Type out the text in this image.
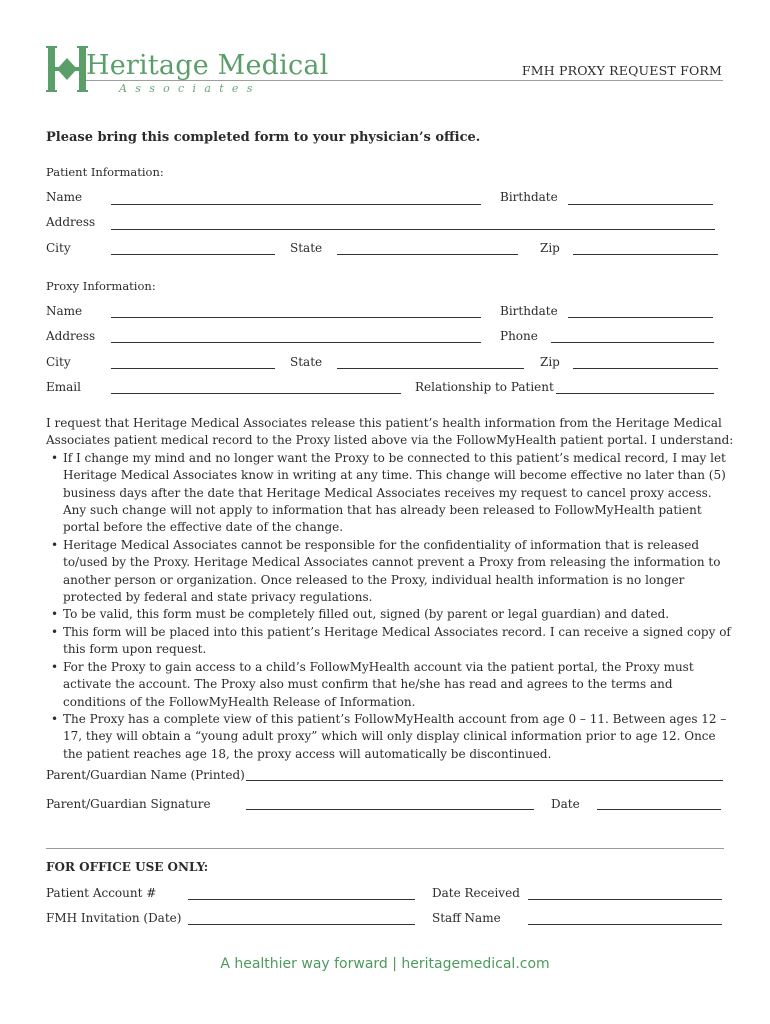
Heritage Medical
Associates
FMH PROXY REQUEST FORM
Please bring this completed form to your physician’s office.
Patient Information:
Name	Birthdate
Address
City	State	Zip
Proxy Information:
Name	Birthdate
Address	Phone
City	State	Zip
Email	Relationship to Patient
I request that Heritage Medical Associates release this patient’s health information from the Heritage Medical Associates patient medical record to the Proxy listed above via the FollowMyHealth patient portal. I understand:
• If I change my mind and no longer want the Proxy to be connected to this patient’s medical record, I may let Heritage Medical Associates know in writing at any time. This change will become effective no later than (5) business days after the date that Heritage Medical Associates receives my request to cancel proxy access. Any such change will not apply to information that has already been released to FollowMyHealth patient portal before the effective date of the change.
• Heritage Medical Associates cannot be responsible for the confidentiality of information that is released to/used by the Proxy. Heritage Medical Associates cannot prevent a Proxy from releasing the information to another person or organization. Once released to the Proxy, individual health information is no longer protected by federal and state privacy regulations.
• To be valid, this form must be completely filled out, signed (by parent or legal guardian) and dated.
• This form will be placed into this patient’s Heritage Medical Associates record. I can receive a signed copy of this form upon request.
• For the Proxy to gain access to a child’s FollowMyHealth account via the patient portal, the Proxy must activate the account. The Proxy also must confirm that he/she has read and agrees to the terms and conditions of the FollowMyHealth Release of Information.
• The Proxy has a complete view of this patient’s FollowMyHealth account from age 0 – 11. Between ages 12 – 17, they will obtain a “young adult proxy” which will only display clinical information prior to age 12. Once the patient reaches age 18, the proxy access will automatically be discontinued.
Parent/Guardian Name (Printed)
Parent/Guardian Signature	Date
FOR OFFICE USE ONLY:
Patient Account #	Date Received
FMH Invitation (Date)	Staff Name
A healthier way forward | heritagemedical.com
